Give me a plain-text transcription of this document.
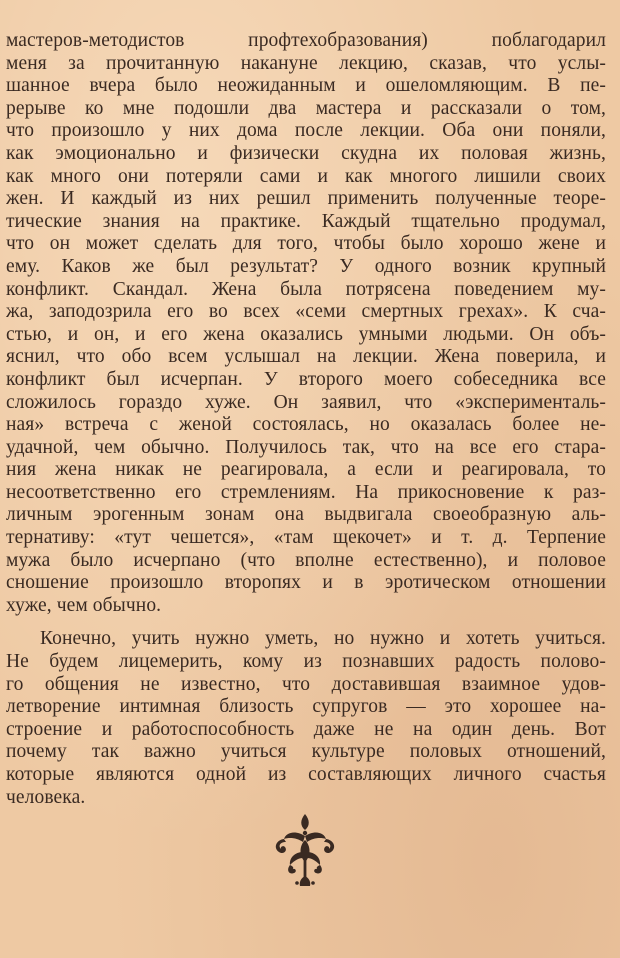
мастеров-методистов профтехобразования) поблагодарил
меня за прочитанную накануне лекцию, сказав, что услы-
шанное вчера было неожиданным и ошеломляющим. В пе-
рерыве ко мне подошли два мастера и рассказали о том,
что произошло у них дома после лекции. Оба они поняли,
как эмоционально и физически скудна их половая жизнь,
как много они потеряли сами и как многого лишили своих
жен. И каждый из них решил применить полученные теоре-
тические знания на практике. Каждый тщательно продумал,
что он может сделать для того, чтобы было хорошо жене и
ему. Каков же был результат? У одного возник крупный
конфликт. Скандал. Жена была потрясена поведением му-
жа, заподозрила его во всех «семи смертных грехах». К сча-
стью, и он, и его жена оказались умными людьми. Он объ-
яснил, что обо всем услышал на лекции. Жена поверила, и
конфликт был исчерпан. У второго моего собеседника все
сложилось гораздо хуже. Он заявил, что «эксперименталь-
ная» встреча с женой состоялась, но оказалась более не-
удачной, чем обычно. Получилось так, что на все его стара-
ния жена никак не реагировала, а если и реагировала, то
несоответственно его стремлениям. На прикосновение к раз-
личным эрогенным зонам она выдвигала своеобразную аль-
тернативу: «тут чешется», «там щекочет» и т. д. Терпение
мужа было исчерпано (что вполне естественно), и половое
сношение произошло второпях и в эротическом отношении
хуже, чем обычно.

Конечно, учить нужно уметь, но нужно и хотеть учиться.
Не будем лицемерить, кому из познавших радость полово-
го общения не известно, что доставившая взаимное удов-
летворение интимная близость супругов — это хорошее на-
строение и работоспособность даже не на один день. Вот
почему так важно учиться культуре половых отношений,
которые являются одной из составляющих личного счастья
человека.
